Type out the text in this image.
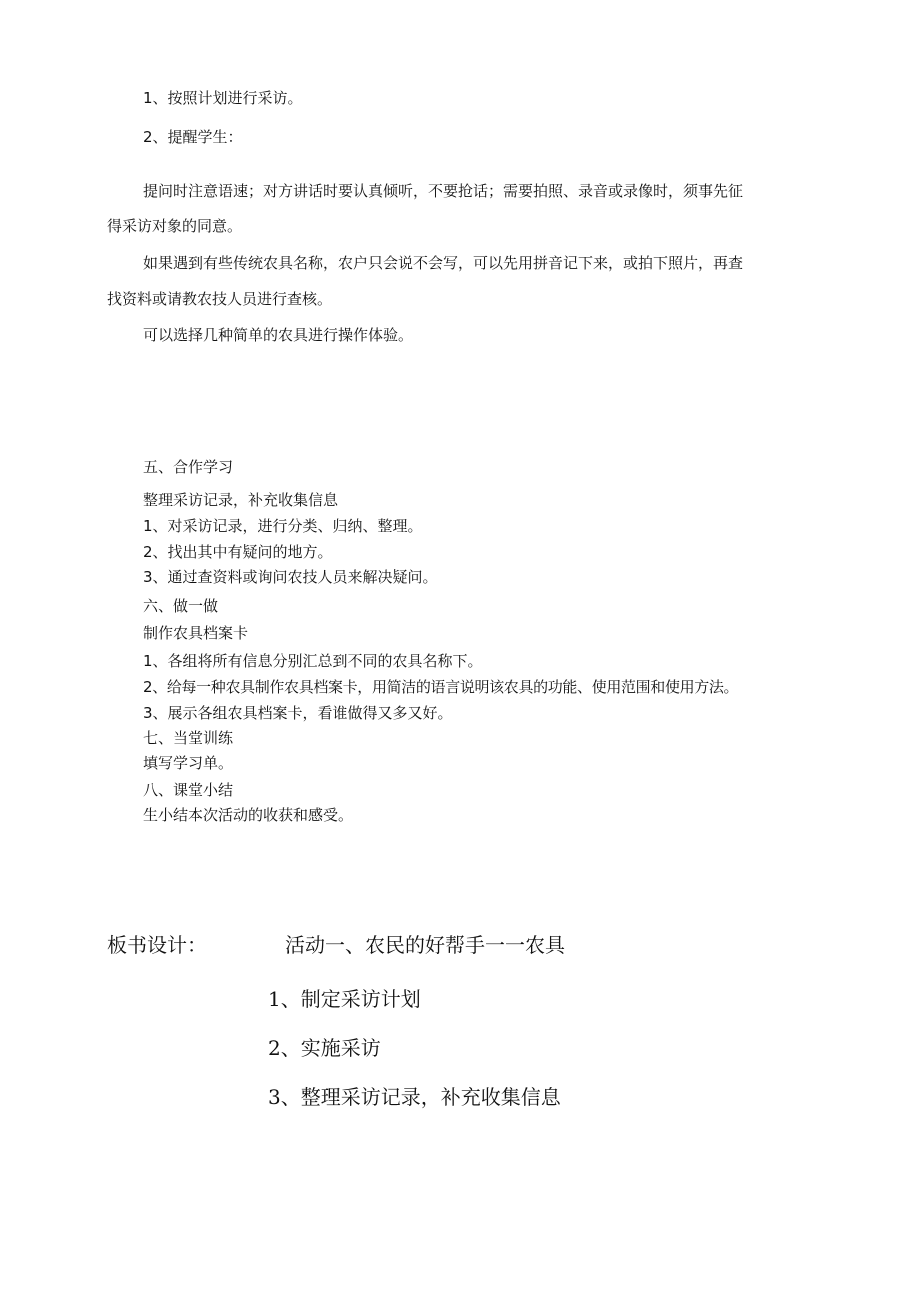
1、按照计划进行采访。
2、提醒学生：
提问时注意语速；对方讲话时要认真倾听，不要抢话；需要拍照、录音或录像时，须事先征
得采访对象的同意。
如果遇到有些传统农具名称，农户只会说不会写，可以先用拼音记下来，或拍下照片，再查
找资料或请教农技人员进行查核。
可以选择几种简单的农具进行操作体验。
五、合作学习
整理采访记录，补充收集信息
1、对采访记录，进行分类、归纳、整理。
2、找出其中有疑问的地方。
3、通过查资料或询问农技人员来解决疑问。
六、做一做
制作农具档案卡
1、各组将所有信息分别汇总到不同的农具名称下。
2、给每一种农具制作农具档案卡，用简洁的语言说明该农具的功能、使用范围和使用方法。
3、展示各组农具档案卡，看谁做得又多又好。
七、当堂训练
填写学习单。
八、课堂小结
生小结本次活动的收获和感受。
板书设计：	活动一、农民的好帮手一一农具
1、制定采访计划
2、实施采访
3、整理采访记录，补充收集信息
